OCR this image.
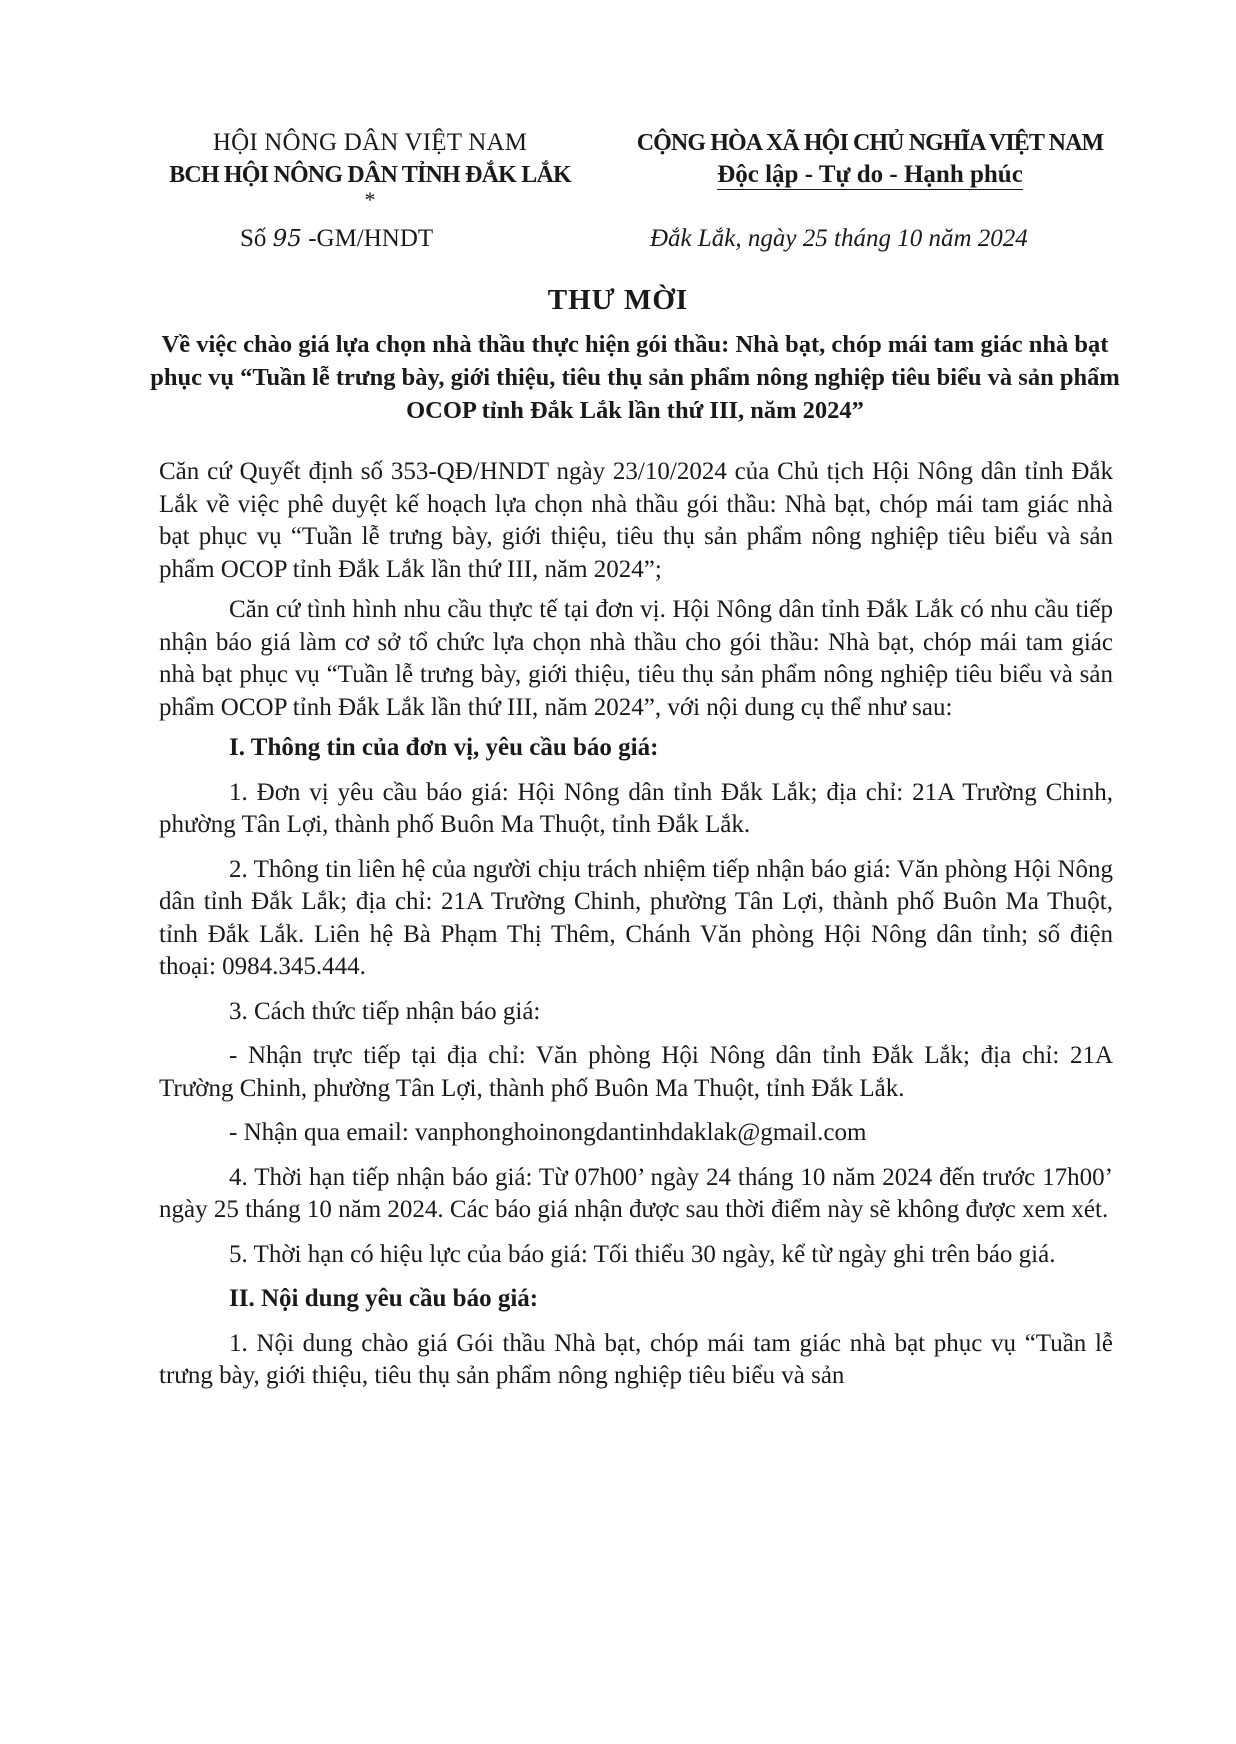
HỘI NÔNG DÂN VIỆT NAM
BCH HỘI NÔNG DÂN TỈNH ĐẮK LẮK
*
CỘNG HÒA XÃ HỘI CHỦ NGHĨA VIỆT NAM
Độc lập - Tự do - Hạnh phúc
Số 95 -GM/HNDT	Đắk Lắk, ngày 25 tháng 10 năm 2024
THƯ MỜI
Về việc chào giá lựa chọn nhà thầu thực hiện gói thầu: Nhà bạt, chóp mái tam giác nhà bạt phục vụ “Tuần lễ trưng bày, giới thiệu, tiêu thụ sản phẩm nông nghiệp tiêu biểu và sản phẩm OCOP tỉnh Đắk Lắk lần thứ III, năm 2024”

Căn cứ Quyết định số 353-QĐ/HNDT ngày 23/10/2024 của Chủ tịch Hội Nông dân tỉnh Đắk Lắk về việc phê duyệt kế hoạch lựa chọn nhà thầu gói thầu: Nhà bạt, chóp mái tam giác nhà bạt phục vụ “Tuần lễ trưng bày, giới thiệu, tiêu thụ sản phẩm nông nghiệp tiêu biểu và sản phẩm OCOP tỉnh Đắk Lắk lần thứ III, năm 2024”;

Căn cứ tình hình nhu cầu thực tế tại đơn vị. Hội Nông dân tỉnh Đắk Lắk có nhu cầu tiếp nhận báo giá làm cơ sở tổ chức lựa chọn nhà thầu cho gói thầu: Nhà bạt, chóp mái tam giác nhà bạt phục vụ “Tuần lễ trưng bày, giới thiệu, tiêu thụ sản phẩm nông nghiệp tiêu biểu và sản phẩm OCOP tỉnh Đắk Lắk lần thứ III, năm 2024”, với nội dung cụ thể như sau:

I. Thông tin của đơn vị, yêu cầu báo giá:

1. Đơn vị yêu cầu báo giá: Hội Nông dân tỉnh Đắk Lắk; địa chỉ: 21A Trường Chinh, phường Tân Lợi, thành phố Buôn Ma Thuột, tỉnh Đắk Lắk.

2. Thông tin liên hệ của người chịu trách nhiệm tiếp nhận báo giá: Văn phòng Hội Nông dân tỉnh Đắk Lắk; địa chỉ: 21A Trường Chinh, phường Tân Lợi, thành phố Buôn Ma Thuột, tỉnh Đắk Lắk. Liên hệ Bà Phạm Thị Thêm, Chánh Văn phòng Hội Nông dân tỉnh; số điện thoại: 0984.345.444.

3. Cách thức tiếp nhận báo giá:

- Nhận trực tiếp tại địa chỉ: Văn phòng Hội Nông dân tỉnh Đắk Lắk; địa chỉ: 21A Trường Chinh, phường Tân Lợi, thành phố Buôn Ma Thuột, tỉnh Đắk Lắk.

- Nhận qua email: vanphonghoinongdantinhdaklak@gmail.com

4. Thời hạn tiếp nhận báo giá: Từ 07h00’ ngày 24 tháng 10 năm 2024 đến trước 17h00’ ngày 25 tháng 10 năm 2024. Các báo giá nhận được sau thời điểm này sẽ không được xem xét.

5. Thời hạn có hiệu lực của báo giá: Tối thiểu 30 ngày, kể từ ngày ghi trên báo giá.

II. Nội dung yêu cầu báo giá:

1. Nội dung chào giá Gói thầu Nhà bạt, chóp mái tam giác nhà bạt phục vụ “Tuần lễ trưng bày, giới thiệu, tiêu thụ sản phẩm nông nghiệp tiêu biểu và sản
